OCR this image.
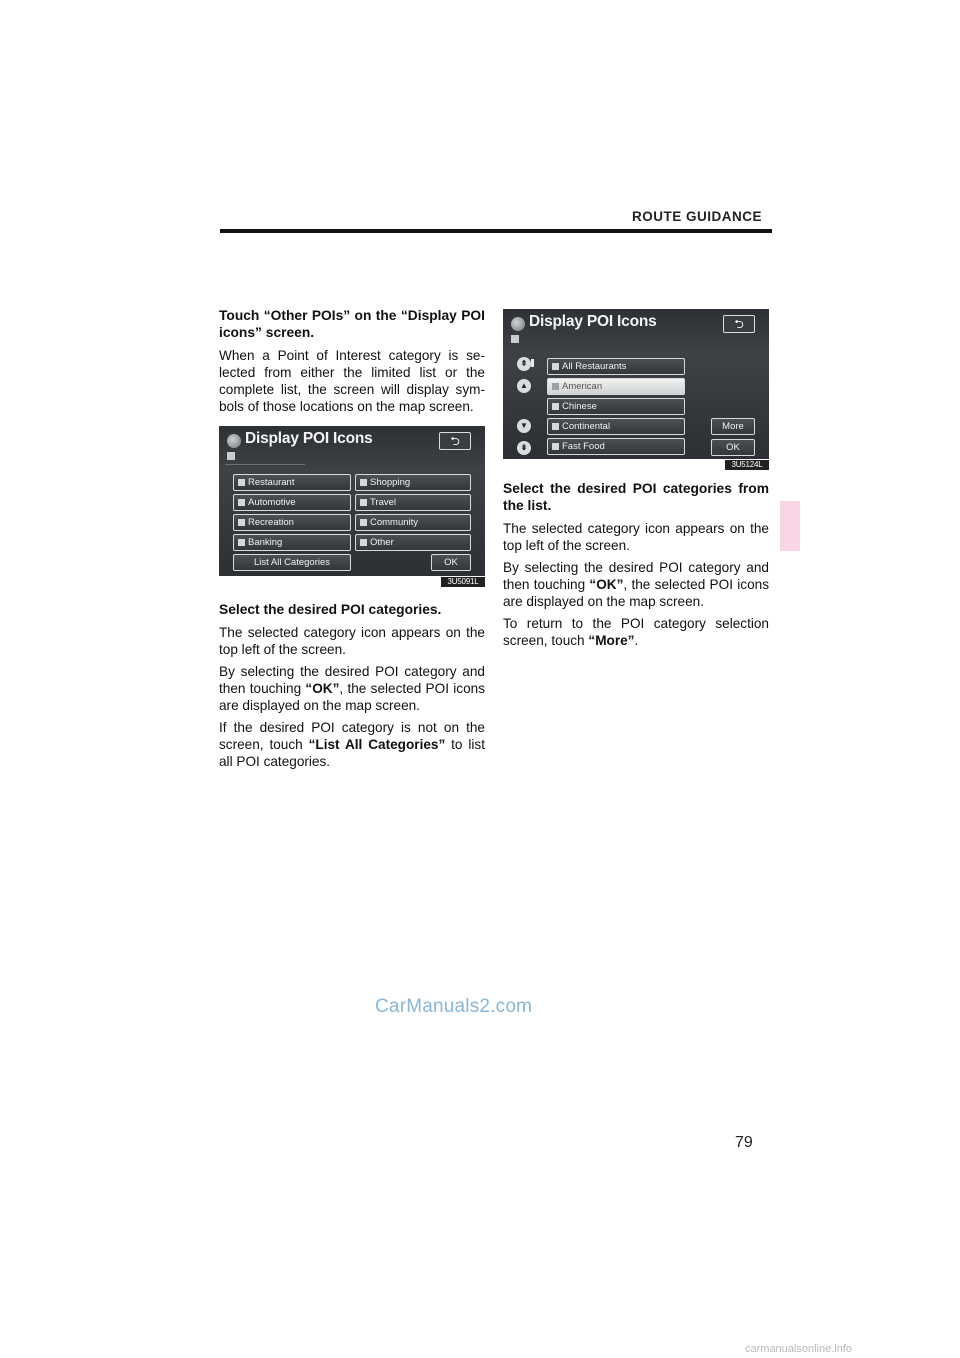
ROUTE GUIDANCE

Touch “Other POIs” on the “Display POI icons” screen.

When a Point of Interest category is se-lected from either the limited list or the complete list, the screen will display sym-bols of those locations on the map screen.

Display POI Icons	⮌
Restaurant	Shopping
Automotive	Travel
Recreation	Community
Banking	Other
List All Categories	OK
3U5091L

Select the desired POI categories.

The selected category icon appears on the top left of the screen.

By selecting the desired POI category and then touching “OK”, the selected POI icons are displayed on the map screen.

If the desired POI category is not on the screen, touch “List All Categories” to list all POI categories.

Display POI Icons	⮌
⇞
▲
▼
⇟
All Restaurants
American
Chinese
Continental
Fast Food
More
OK
3U5124L

Select the desired POI categories from the list.

The selected category icon appears on the top left of the screen.

By selecting the desired POI category and then touching “OK”, the selected POI icons are displayed on the map screen.

To return to the POI category selection screen, touch “More”.

CarManuals2.com
79
carmanualsonline.info
